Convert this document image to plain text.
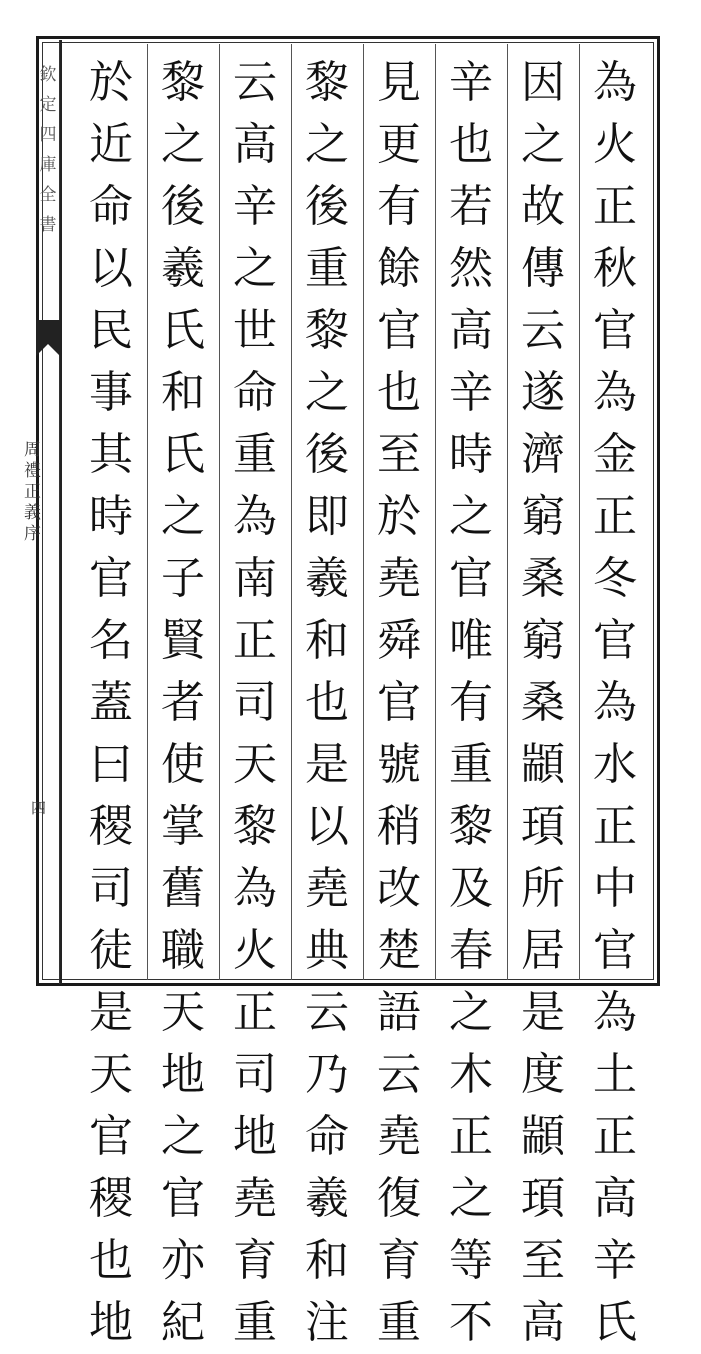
欽
定
四
庫
全
書
周
禮
正
義
序
四
為
火
正
秋
官
為
金
正
冬
官
為
水
正
中
官
為
土
正
高
辛
氏
因
之
故
傳
云
遂
濟
窮
桑
窮
桑
顓
頊
所
居
是
度
顓
頊
至
高
辛
也
若
然
高
辛
時
之
官
唯
有
重
黎
及
春
之
木
正
之
等
不
見
更
有
餘
官
也
至
於
堯
舜
官
號
稍
改
楚
語
云
堯
復
育
重
黎
之
後
重
黎
之
後
即
羲
和
也
是
以
堯
典
云
乃
命
羲
和
注
云
高
辛
之
世
命
重
為
南
正
司
天
黎
為
火
正
司
地
堯
育
重
黎
之
後
羲
氏
和
氏
之
子
賢
者
使
掌
舊
職
天
地
之
官
亦
紀
於
近
命
以
民
事
其
時
官
名
蓋
曰
稷
司
徒
是
天
官
稷
也
地
